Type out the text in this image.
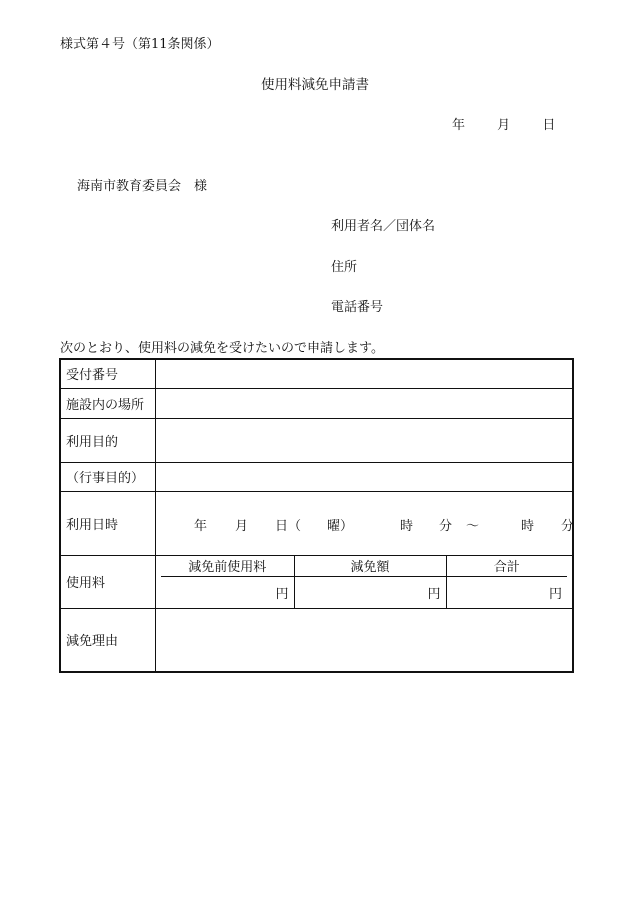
様式第４号（第11条関係）
使用料減免申請書
年 月 日
海南市教育委員会　様
利用者名／団体名
住所
電話番号
次のとおり、使用料の減免を受けたいので申請します。
受付番号	
施設内の場所	
利用目的	
（行事目的）	
利用日時	年 月 日（ 曜）	時 分 ～	時 分

使用料	
減免前使用料	減免額	合計
円	円	円

減免理由	
